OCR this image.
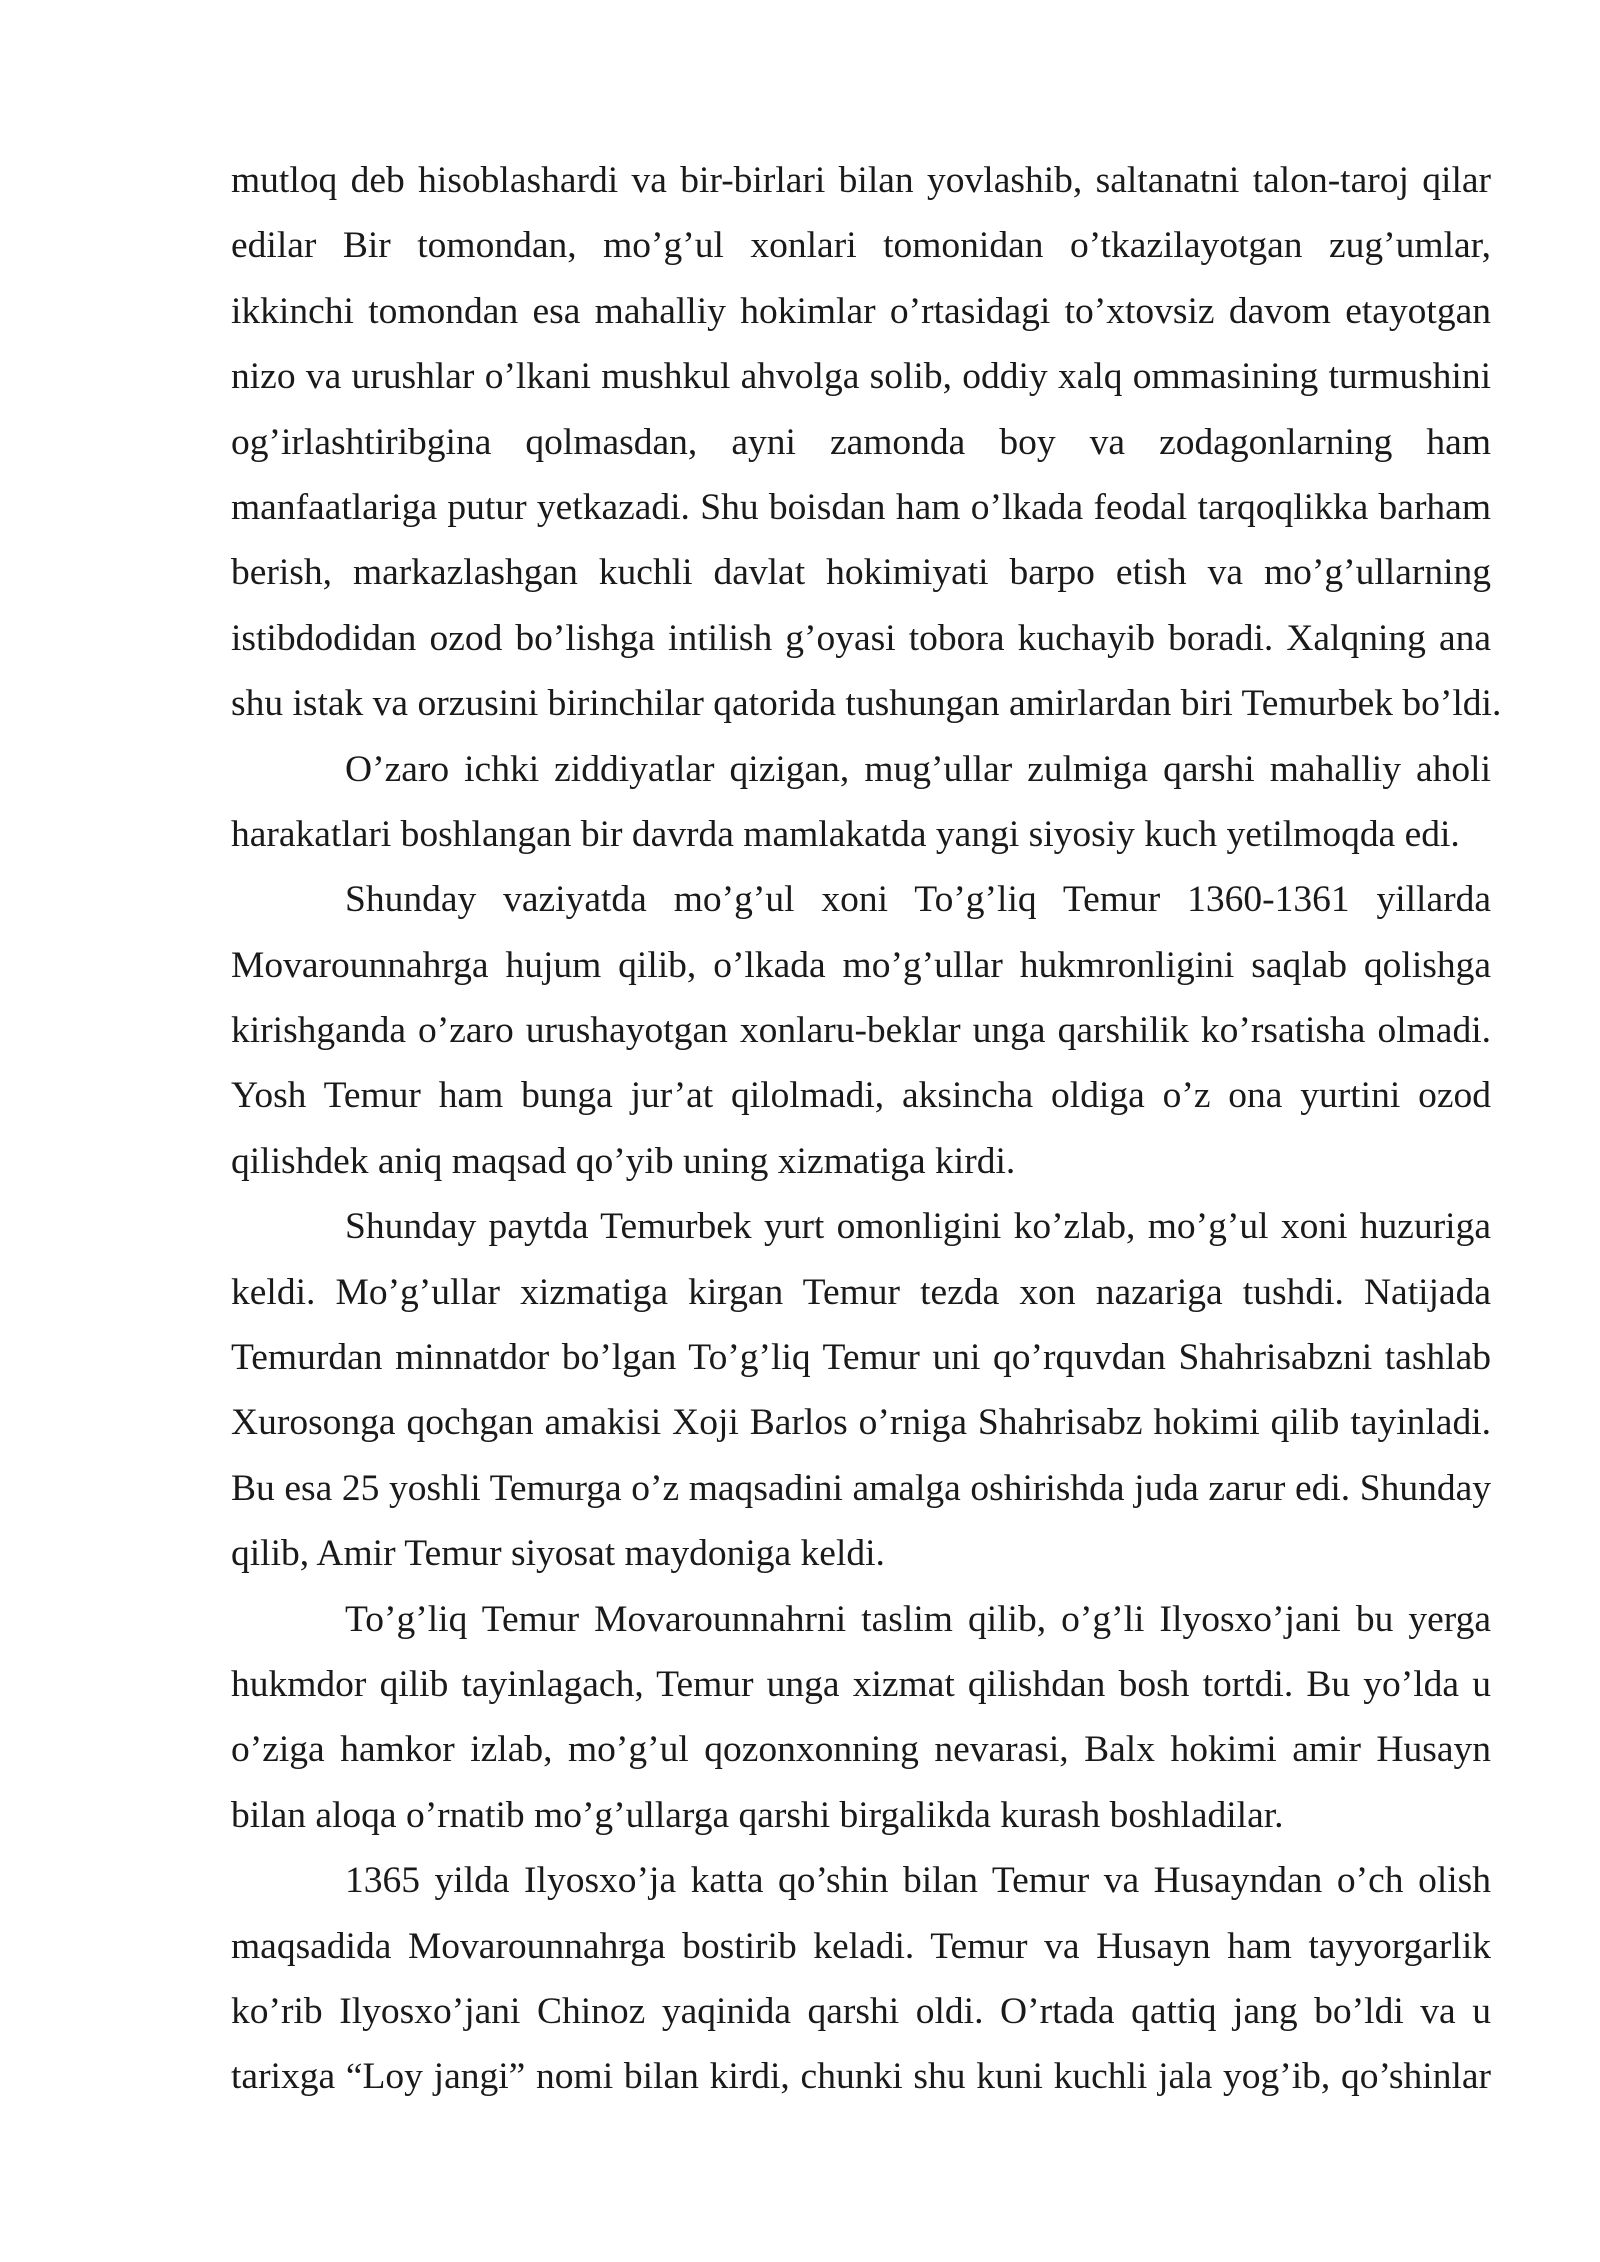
mutloq deb hisoblashardi va bir-birlari bilan yovlashib, saltanatni talon-taroj qilar
edilar Bir tomondan, mo’g’ul xonlari tomonidan o’tkazilayotgan zug’umlar,
ikkinchi tomondan esa mahalliy hokimlar o’rtasidagi to’xtovsiz davom etayotgan
nizo va urushlar o’lkani mushkul ahvolga solib, oddiy xalq ommasining turmushini
og’irlashtiribgina qolmasdan, ayni zamonda boy va zodagonlarning ham
manfaatlariga putur yetkazadi. Shu boisdan ham o’lkada feodal tarqoqlikka barham
berish, markazlashgan kuchli davlat hokimiyati barpo etish va mo’g’ullarning
istibdodidan ozod bo’lishga intilish g’oyasi tobora kuchayib boradi. Xalqning ana
shu istak va orzusini birinchilar qatorida tushungan amirlardan biri Temurbek bo’ldi.
O’zaro ichki ziddiyatlar qizigan, mug’ullar zulmiga qarshi mahalliy aholi
harakatlari boshlangan bir davrda mamlakatda yangi siyosiy kuch yetilmoqda edi.
Shunday vaziyatda mo’g’ul xoni To’g’liq Temur 1360-1361 yillarda
Movarounnahrga hujum qilib, o’lkada mo’g’ullar hukmronligini saqlab qolishga
kirishganda o’zaro urushayotgan xonlaru-beklar unga qarshilik ko’rsatisha olmadi.
Yosh Temur ham bunga jur’at qilolmadi, aksincha oldiga o’z ona yurtini ozod
qilishdek aniq maqsad qo’yib uning xizmatiga kirdi.
Shunday paytda Temurbek yurt omonligini ko’zlab, mo’g’ul xoni huzuriga
keldi. Mo’g’ullar xizmatiga kirgan Temur tezda xon nazariga tushdi. Natijada
Temurdan minnatdor bo’lgan To’g’liq Temur uni qo’rquvdan Shahrisabzni tashlab
Xurosonga qochgan amakisi Xoji Barlos o’rniga Shahrisabz hokimi qilib tayinladi.
Bu esa 25 yoshli Temurga o’z maqsadini amalga oshirishda juda zarur edi. Shunday
qilib, Amir Temur siyosat maydoniga keldi.
To’g’liq Temur Movarounnahrni taslim qilib, o’g’li Ilyosxo’jani bu yerga
hukmdor qilib tayinlagach, Temur unga xizmat qilishdan bosh tortdi. Bu yo’lda u
o’ziga hamkor izlab, mo’g’ul qozonxonning nevarasi, Balx hokimi amir Husayn
bilan aloqa o’rnatib mo’g’ullarga qarshi birgalikda kurash boshladilar.
1365 yilda Ilyosxo’ja katta qo’shin bilan Temur va Husayndan o’ch olish
maqsadida Movarounnahrga bostirib keladi. Temur va Husayn ham tayyorgarlik
ko’rib Ilyosxo’jani Chinoz yaqinida qarshi oldi. O’rtada qattiq jang bo’ldi va u
tarixga “Loy jangi” nomi bilan kirdi, chunki shu kuni kuchli jala yog’ib, qo’shinlar
